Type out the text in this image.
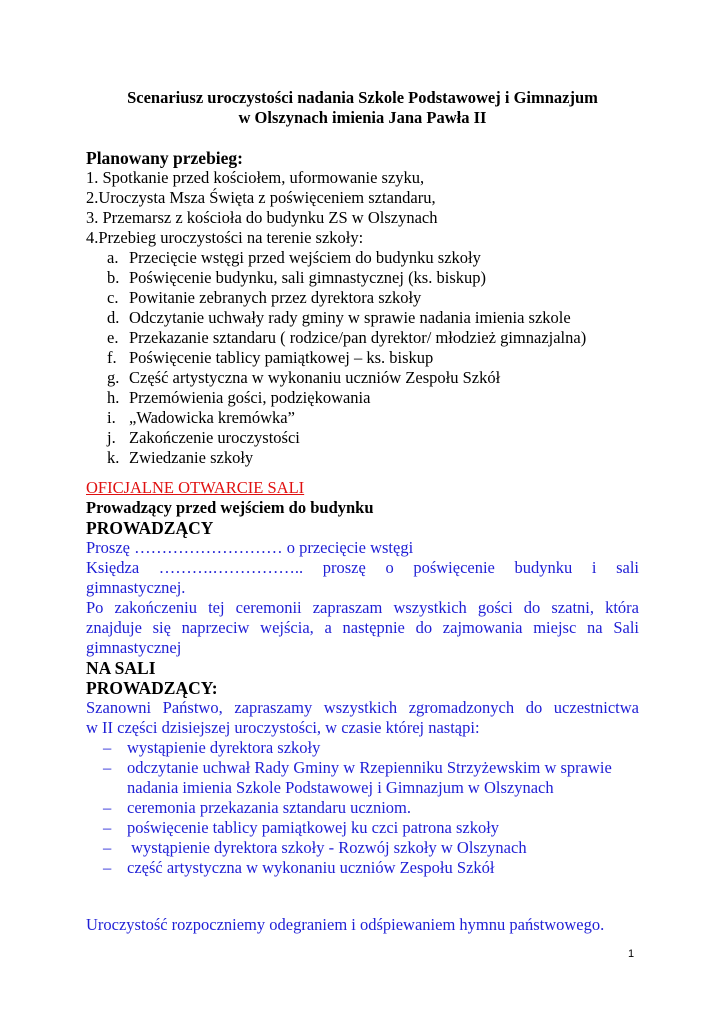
Scenariusz uroczystości nadania Szkole Podstawowej i Gimnazjum
w Olszynach imienia Jana Pawła II
Planowany przebieg:
1. Spotkanie przed kościołem, uformowanie szyku,
2.Uroczysta Msza Święta z poświęceniem sztandaru,
3. Przemarsz z kościoła do budynku ZS w Olszynach
4.Przebieg uroczystości na terenie szkoły:
a. Przecięcie wstęgi przed wejściem do budynku szkoły
b. Poświęcenie budynku, sali gimnastycznej (ks. biskup)
c. Powitanie zebranych przez dyrektora szkoły
d. Odczytanie uchwały rady gminy w sprawie nadania imienia szkole
e. Przekazanie sztandaru ( rodzice/pan dyrektor/ młodzież gimnazjalna)
f. Poświęcenie tablicy pamiątkowej – ks. biskup
g. Część artystyczna w wykonaniu uczniów Zespołu Szkół
h. Przemówienia gości, podziękowania
i. „Wadowicka kremówka”
j. Zakończenie uroczystości
k. Zwiedzanie szkoły
OFICJALNE OTWARCIE SALI
Prowadzący przed wejściem do budynku
PROWADZĄCY
Proszę ……………………… o przecięcie wstęgi
Księdza ……….…………….. proszę o poświęcenie budynku i sali
gimnastycznej.
Po zakończeniu tej ceremonii zapraszam wszystkich gości do szatni, która
znajduje się naprzeciw wejścia, a następnie do zajmowania miejsc na Sali
gimnastycznej
NA SALI
PROWADZĄCY:
Szanowni Państwo, zapraszamy wszystkich zgromadzonych do uczestnictwa
w II części dzisiejszej uroczystości, w czasie której nastąpi:
– wystąpienie dyrektora szkoły
– odczytanie uchwał Rady Gminy w Rzepienniku Strzyżewskim w sprawie
nadania imienia Szkole Podstawowej i Gimnazjum w Olszynach
– ceremonia przekazania sztandaru uczniom.
– poświęcenie tablicy pamiątkowej ku czci patrona szkoły
– wystąpienie dyrektora szkoły - Rozwój szkoły w Olszynach
– część artystyczna w wykonaniu uczniów Zespołu Szkół
Uroczystość rozpoczniemy odegraniem i odśpiewaniem hymnu państwowego.
1
